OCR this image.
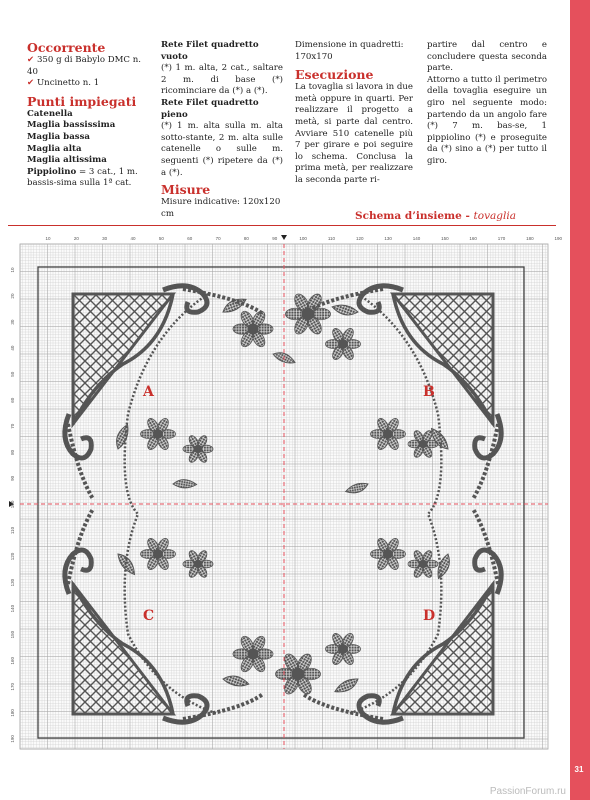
31
PassionForum.ru

Occorrente

✔ 350 g di Babylo DMC n. 40

✔ Uncinetto n. 1

Punti impiegati

Catenella

Maglia bassissima

Maglia bassa

Maglia alta

Maglia altissima

Pippiolino = 3 cat., 1 m. bassis-sima sulla 1ª cat.

Rete Filet quadretto vuoto

(*) 1 m. alta, 2 cat., saltare 2 m. di base (*) ricominciare da (*) a (*).

Rete Filet quadretto pieno

(*) 1 m. alta sulla m. alta sotto-stante, 2 m. alta sulle catenelle o sulle m. seguenti (*) ripetere da (*) a (*).

Misure

Misure indicative: 120x120 cm

Dimensione in quadretti: 170x170

Esecuzione

La tovaglia si lavora in due metà oppure in quarti. Per realizzare il progetto a metà, si parte dal centro. Avviare 510 catenelle più 7 per girare e poi seguire lo schema. Conclusa la prima metà, per realizzare la seconda parte ri-

partire dal centro e concludere questa seconda parte.

Attorno a tutto il perimetro della tovaglia eseguire un giro nel seguente modo: partendo da un angolo fare (*) 7 m. bas-se, 1 pippiolino (*) e proseguite da (*) sino a (*) per tutto il giro.

Schema d’insieme - tovaglia
10	20	30	40	50	60	70	80	90	100	110	120	130	140	150	160	170	180	190
10
20
30
40
50
60
70
80
90
100
110
120
130
140
150
160
170
180
190
A	B
C	D
